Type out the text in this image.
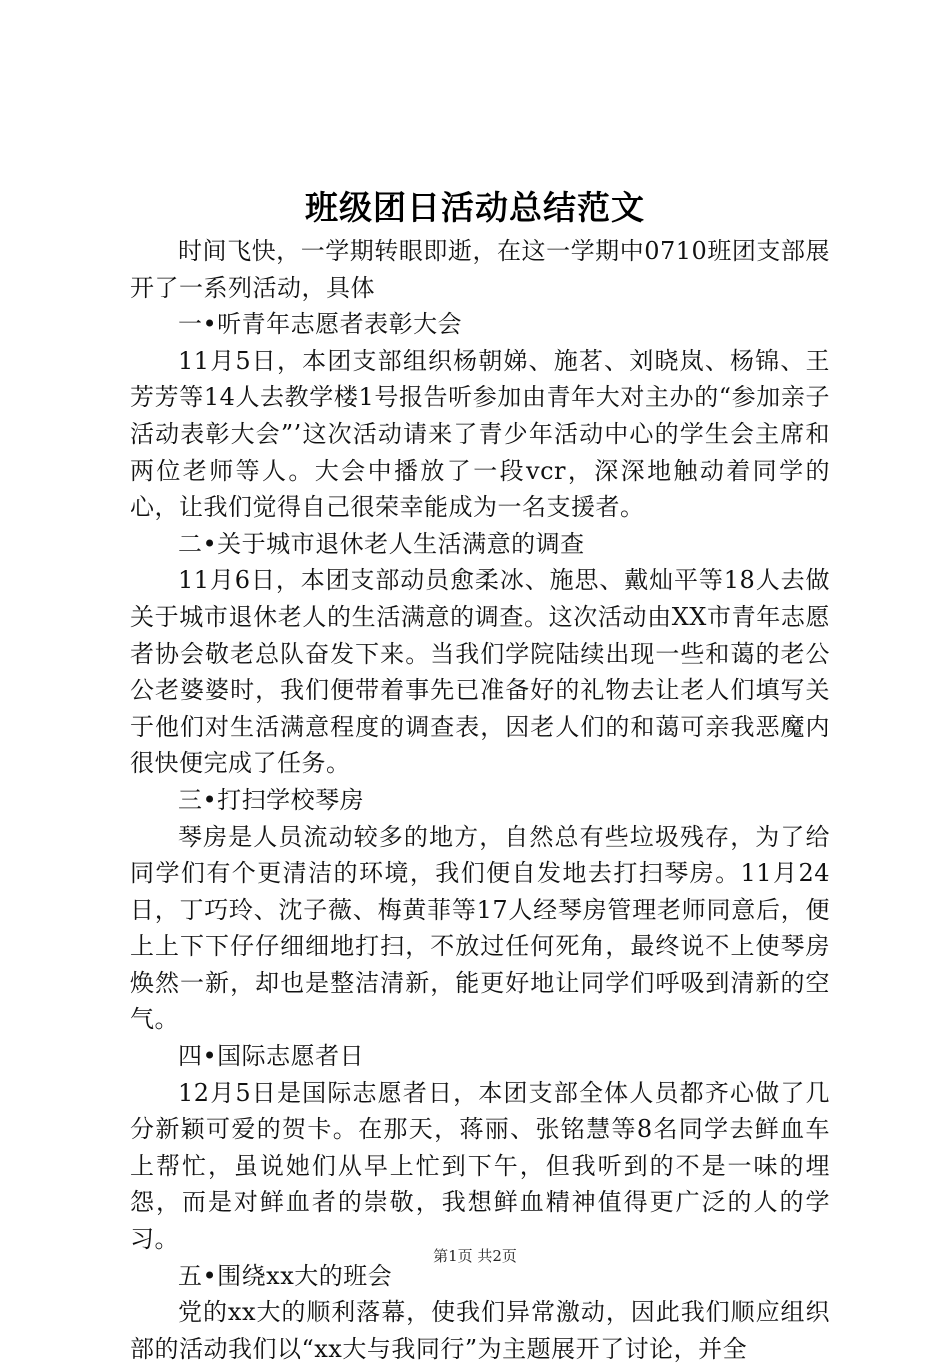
班级团日活动总结范文

时间飞快，一学期转眼即逝，在这一学期中0710班团支部展开了一系列活动，具体

一•听青年志愿者表彰大会

11月5日，本团支部组织杨朝娣、施茗、刘晓岚、杨锦、王芳芳等14人去教学楼1号报告听参加由青年大对主办的“参加亲子活动表彰大会”’这次活动请来了青少年活动中心的学生会主席和两位老师等人。大会中播放了一段vcr，深深地触动着同学的心，让我们觉得自己很荣幸能成为一名支援者。

二•关于城市退休老人生活满意的调查

11月6日，本团支部动员愈柔冰、施思、戴灿平等18人去做关于城市退休老人的生活满意的调查。这次活动由XX市青年志愿者协会敬老总队奋发下来。当我们学院陆续出现一些和蔼的老公公老婆婆时，我们便带着事先已准备好的礼物去让老人们填写关于他们对生活满意程度的调查表，因老人们的和蔼可亲我恶魔内很快便完成了任务。

三•打扫学校琴房

琴房是人员流动较多的地方，自然总有些垃圾残存，为了给同学们有个更清洁的环境，我们便自发地去打扫琴房。11月24日，丁巧玲、沈子薇、梅黄菲等17人经琴房管理老师同意后，便上上下下仔仔细细地打扫，不放过任何死角，最终说不上使琴房焕然一新，却也是整洁清新，能更好地让同学们呼吸到清新的空气。

四•国际志愿者日

12月5日是国际志愿者日，本团支部全体人员都齐心做了几分新颖可爱的贺卡。在那天，蒋丽、张铭慧等8名同学去鲜血车上帮忙，虽说她们从早上忙到下午，但我听到的不是一味的埋怨，而是对鲜血者的崇敬，我想鲜血精神值得更广泛的人的学习。

五•围绕xx大的班会

党的xx大的顺利落幕，使我们异常激动，因此我们顺应组织部的活动我们以“xx大与我同行”为主题展开了讨论，并全

第1页 共2页
